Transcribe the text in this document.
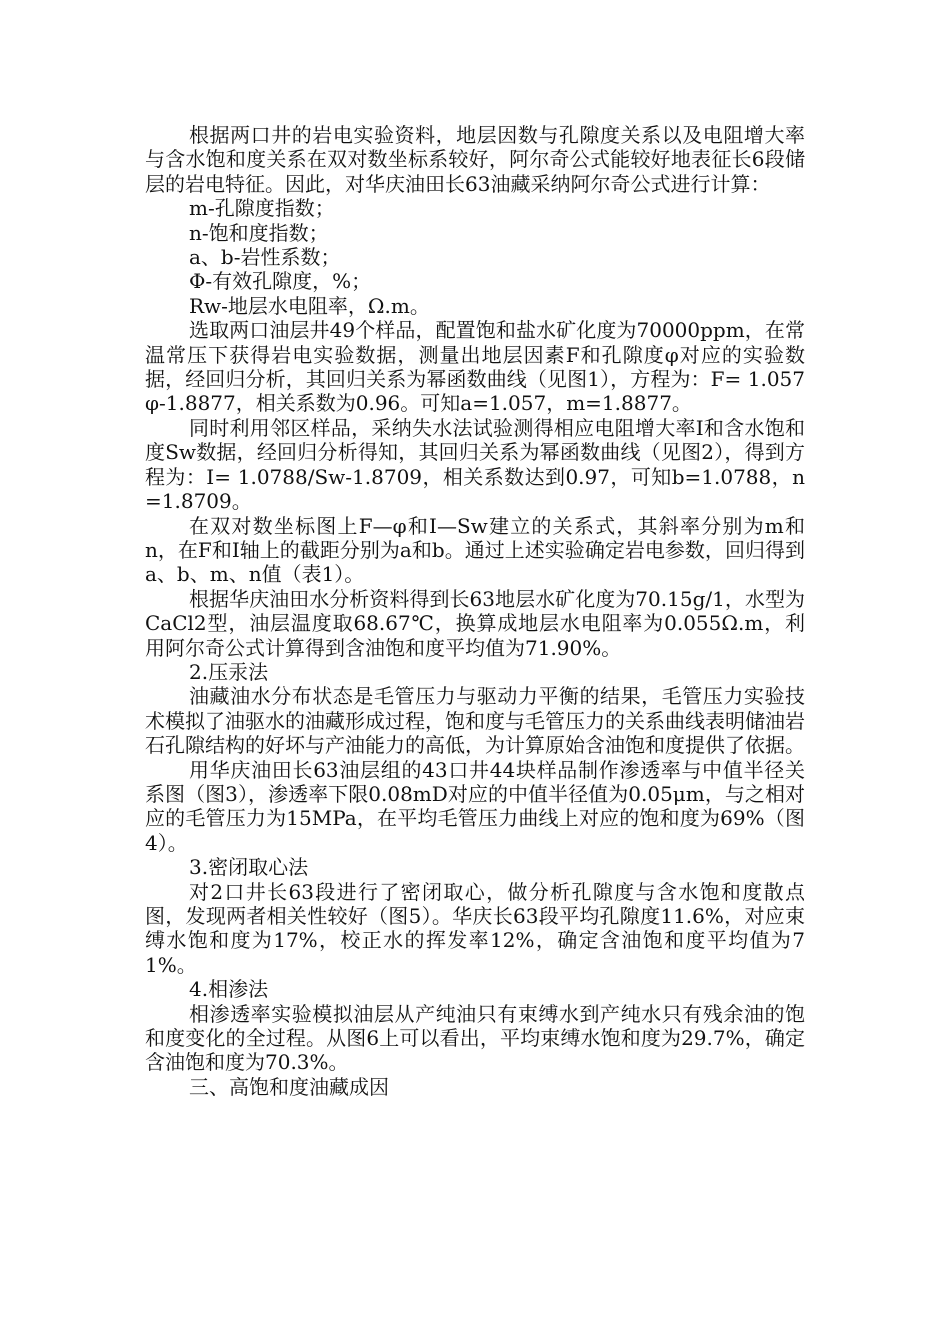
根据两口井的岩电实验资料，地层因数与孔隙度关系以及电阻增大率与含水饱和度关系在双对数坐标系较好，阿尔奇公式能较好地表征长6段储层的岩电特征。因此，对华庆油田长63油藏采纳阿尔奇公式进行计算：

m-孔隙度指数；

n-饱和度指数；

a、b-岩性系数；

Φ-有效孔隙度，%；

Rw-地层水电阻率，Ω.m。

选取两口油层井49个样品，配置饱和盐水矿化度为70000ppm，在常温常压下获得岩电实验数据，测量出地层因素F和孔隙度φ对应的实验数据，经回归分析，其回归关系为幂函数曲线（见图1），方程为：F= 1.057φ-1.8877，相关系数为0.96。可知a=1.057，m=1.8877。

同时利用邻区样品，采纳失水法试验测得相应电阻增大率I和含水饱和度Sw数据，经回归分析得知，其回归关系为幂函数曲线（见图2），得到方程为：I= 1.0788/Sw-1.8709，相关系数达到0.97，可知b=1.0788，n=1.8709。

在双对数坐标图上F—φ和I—Sw建立的关系式，其斜率分别为m和n，在F和I轴上的截距分别为a和b。通过上述实验确定岩电参数，回归得到a、b、m、n值（表1）。

根据华庆油田水分析资料得到长63地层水矿化度为70.15g/1，水型为CaCl2型，油层温度取68.67℃，换算成地层水电阻率为0.055Ω.m，利用阿尔奇公式计算得到含油饱和度平均值为71.90%。

2.压汞法

油藏油水分布状态是毛管压力与驱动力平衡的结果，毛管压力实验技术模拟了油驱水的油藏形成过程，饱和度与毛管压力的关系曲线表明储油岩石孔隙结构的好坏与产油能力的高低，为计算原始含油饱和度提供了依据。

用华庆油田长63油层组的43口井44块样品制作渗透率与中值半径关系图（图3），渗透率下限0.08mD对应的中值半径值为0.05μm，与之相对应的毛管压力为15MPa，在平均毛管压力曲线上对应的饱和度为69%（图4）。

3.密闭取心法

对2口井长63段进行了密闭取心，做分析孔隙度与含水饱和度散点图，发现两者相关性较好（图5）。华庆长63段平均孔隙度11.6%，对应束缚水饱和度为17%，校正水的挥发率12%，确定含油饱和度平均值为71%。

4.相渗法

相渗透率实验模拟油层从产纯油只有束缚水到产纯水只有残余油的饱和度变化的全过程。从图6上可以看出，平均束缚水饱和度为29.7%，确定含油饱和度为70.3%。

三、高饱和度油藏成因
